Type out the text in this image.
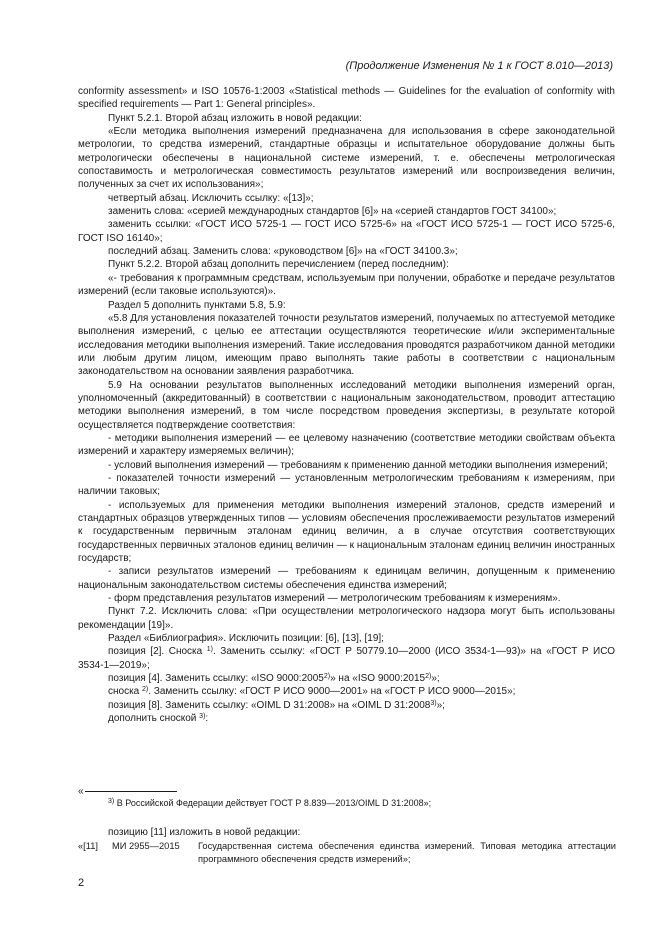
(Продолжение Изменения № 1 к ГОСТ 8.010—2013)

conformity assessment» и ISO 10576-1:2003 «Statistical methods — Guidelines for the evaluation of conformity with specified requirements — Part 1: General principles».

Пункт 5.2.1. Второй абзац изложить в новой редакции:

«Если методика выполнения измерений предназначена для использования в сфере законодательной метрологии, то средства измерений, стандартные образцы и испытательное оборудование должны быть метрологически обеспечены в национальной системе измерений, т. е. обеспечены метрологическая сопоставимость и метрологическая совместимость результатов измерений или воспроизведения величин, полученных за счет их использования»;

четвертый абзац. Исключить ссылку: «[13]»;

заменить слова: «серией международных стандартов [6]» на «серией стандартов ГОСТ 34100»;

заменить ссылки: «ГОСТ ИСО 5725-1 — ГОСТ ИСО 5725-6» на «ГОСТ ИСО 5725-1 — ГОСТ ИСО 5725-6, ГОСТ ISO 16140»;

последний абзац. Заменить слова: «руководством [6]» на «ГОСТ 34100.3»;

Пункт 5.2.2. Второй абзац дополнить перечислением (перед последним):

«- требования к программным средствам, используемым при получении, обработке и передаче результатов измерений (если таковые используются)».

Раздел 5 дополнить пунктами 5.8, 5.9:

«5.8 Для установления показателей точности результатов измерений, получаемых по аттестуемой методике выполнения измерений, с целью ее аттестации осуществляются теоретические и/или экспериментальные исследования методики выполнения измерений. Такие исследования проводятся разработчиком данной методики или любым другим лицом, имеющим право выполнять такие работы в соответствии с национальным законодательством на основании заявления разработчика.

5.9 На основании результатов выполненных исследований методики выполнения измерений орган, уполномоченный (аккредитованный) в соответствии с национальным законодательством, проводит аттестацию методики выполнения измерений, в том числе посредством проведения экспертизы, в результате которой осуществляется подтверждение соответствия:

- методики выполнения измерений — ее целевому назначению (соответствие методики свойствам объекта измерений и характеру измеряемых величин);

- условий выполнения измерений — требованиям к применению данной методики выполнения измерений;

- показателей точности измерений — установленным метрологическим требованиям к измерениям, при наличии таковых;

- используемых для применения методики выполнения измерений эталонов, средств измерений и стандартных образцов утвержденных типов — условиям обеспечения прослеживаемости результатов измерений к государственным первичным эталонам единиц величин, а в случае отсутствия соответствующих государственных первичных эталонов единиц величин — к национальным эталонам единиц величин иностранных государств;

- записи результатов измерений — требованиям к единицам величин, допущенным к применению национальным законодательством системы обеспечения единства измерений;

- форм представления результатов измерений — метрологическим требованиям к измерениям».

Пункт 7.2. Исключить слова: «При осуществлении метрологического надзора могут быть использованы рекомендации [19]».

Раздел «Библиография». Исключить позиции: [6], [13], [19];

позиция [2]. Сноска $^{1)}$. Заменить ссылку: «ГОСТ Р 50779.10—2000 (ИСО 3534-1—93)» на «ГОСТ Р ИСО 3534-1—2019»;

позиция [4]. Заменить ссылку: «ISO 9000:2005$^{2)}$» на «ISO 9000:2015$^{2)}$»;

сноска $^{2)}$. Заменить ссылку: «ГОСТ Р ИСО 9000—2001» на «ГОСТ Р ИСО 9000—2015»;

позиция [8]. Заменить ссылку: «OIML D 31:2008» на «OIML D 31:2008$^{3)}$»;

дополнить сноской $^{3)}$:

«
$^{3)}$ В Российской Федерации действует ГОСТ Р 8.839—2013/OIML D 31:2008»;

позицию [11] изложить в новой редакции:

«[11] МИ 2955—2015 Государственная система обеспечения единства измерений. Типовая методика аттестации программного обеспечения средств измерений»;
2
